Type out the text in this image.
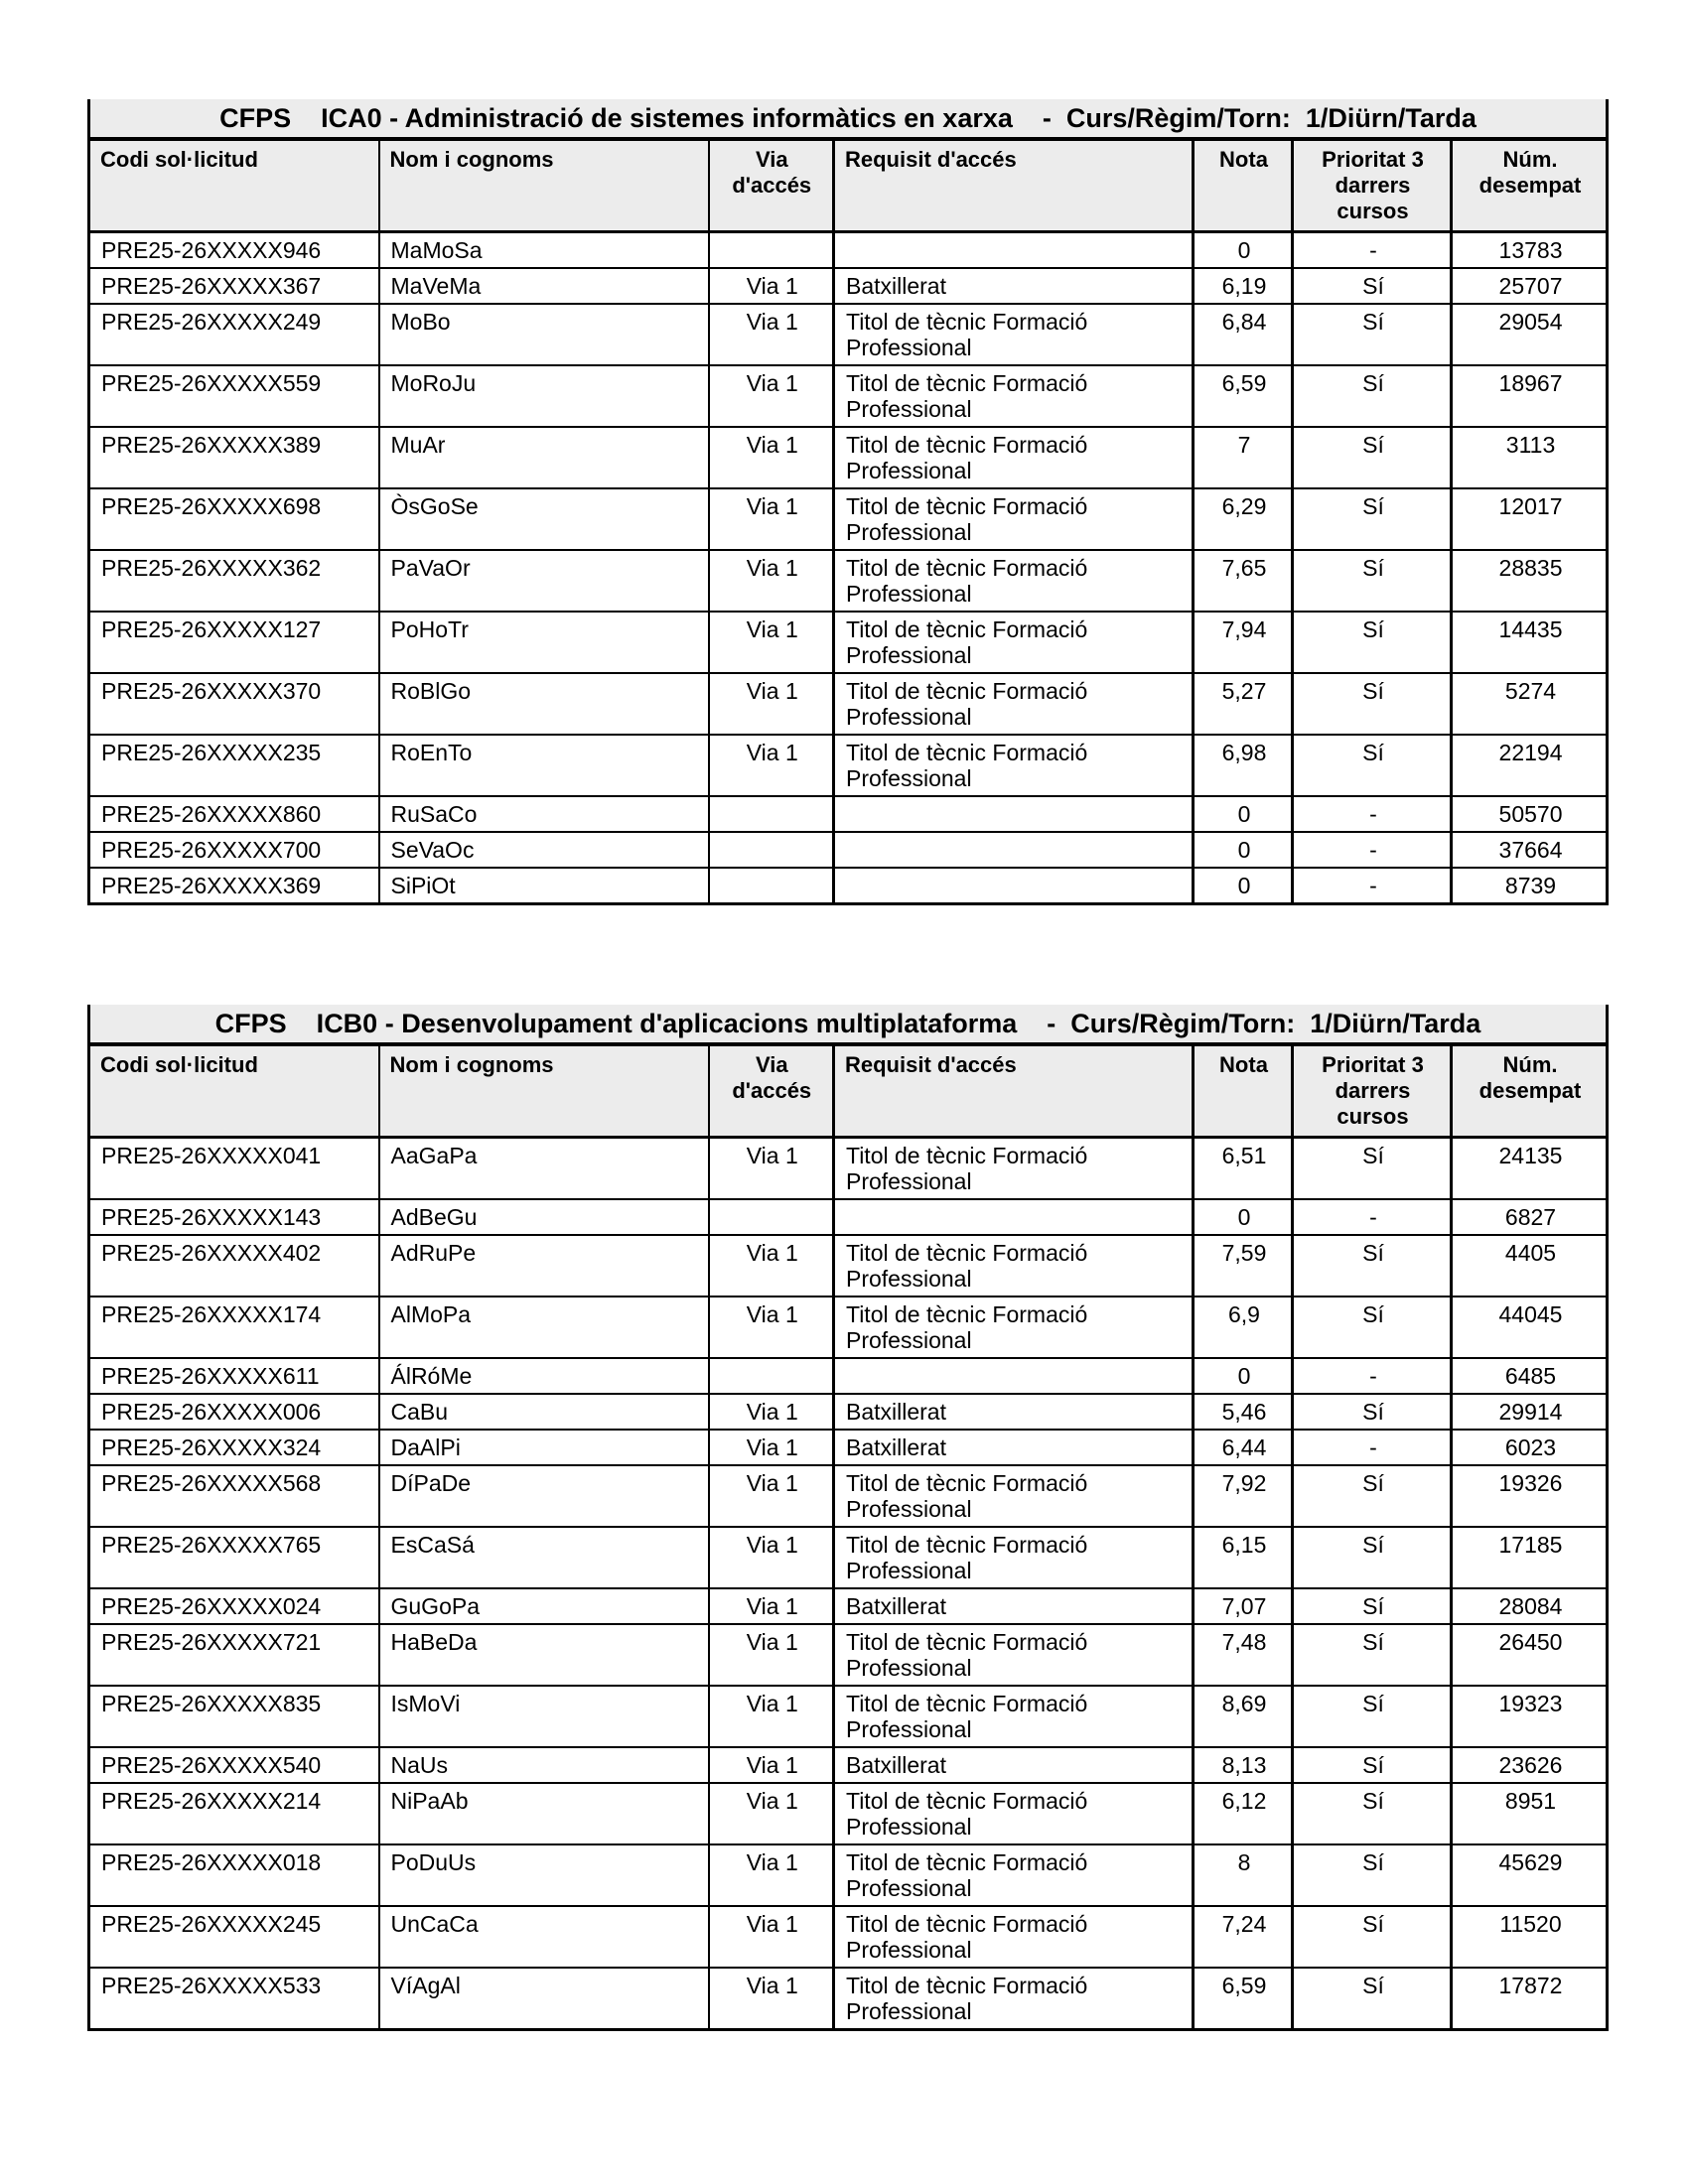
CFPS    ICA0 - Administració de sistemes informàtics en xarxa    -  Curs/Règim/Torn:  1/Diürn/Tarda						
Codi sol·licitud	Nom i cognoms	Via d'accés	Requisit d'accés	Nota	Prioritat 3 darrers cursos	Núm. desempat
PRE25-26XXXXX946	MaMoSa			0	-	13783
PRE25-26XXXXX367	MaVeMa	Via 1	Batxillerat	6,19	Sí	25707
PRE25-26XXXXX249	MoBo	Via 1	Titol de tècnic Formació Professional	6,84	Sí	29054
PRE25-26XXXXX559	MoRoJu	Via 1	Titol de tècnic Formació Professional	6,59	Sí	18967
PRE25-26XXXXX389	MuAr	Via 1	Titol de tècnic Formació Professional	7	Sí	3113
PRE25-26XXXXX698	ÒsGoSe	Via 1	Titol de tècnic Formació Professional	6,29	Sí	12017
PRE25-26XXXXX362	PaVaOr	Via 1	Titol de tècnic Formació Professional	7,65	Sí	28835
PRE25-26XXXXX127	PoHoTr	Via 1	Titol de tècnic Formació Professional	7,94	Sí	14435
PRE25-26XXXXX370	RoBlGo	Via 1	Titol de tècnic Formació Professional	5,27	Sí	5274
PRE25-26XXXXX235	RoEnTo	Via 1	Titol de tècnic Formació Professional	6,98	Sí	22194
PRE25-26XXXXX860	RuSaCo			0	-	50570
PRE25-26XXXXX700	SeVaOc			0	-	37664
PRE25-26XXXXX369	SiPiOt			0	-	8739
CFPS    ICB0 - Desenvolupament d'aplicacions multiplataforma    -  Curs/Règim/Torn:  1/Diürn/Tarda						
Codi sol·licitud	Nom i cognoms	Via d'accés	Requisit d'accés	Nota	Prioritat 3 darrers cursos	Núm. desempat
PRE25-26XXXXX041	AaGaPa	Via 1	Titol de tècnic Formació Professional	6,51	Sí	24135
PRE25-26XXXXX143	AdBeGu			0	-	6827
PRE25-26XXXXX402	AdRuPe	Via 1	Titol de tècnic Formació Professional	7,59	Sí	4405
PRE25-26XXXXX174	AlMoPa	Via 1	Titol de tècnic Formació Professional	6,9	Sí	44045
PRE25-26XXXXX611	ÁlRóMe			0	-	6485
PRE25-26XXXXX006	CaBu	Via 1	Batxillerat	5,46	Sí	29914
PRE25-26XXXXX324	DaAlPi	Via 1	Batxillerat	6,44	-	6023
PRE25-26XXXXX568	DíPaDe	Via 1	Titol de tècnic Formació Professional	7,92	Sí	19326
PRE25-26XXXXX765	EsCaSá	Via 1	Titol de tècnic Formació Professional	6,15	Sí	17185
PRE25-26XXXXX024	GuGoPa	Via 1	Batxillerat	7,07	Sí	28084
PRE25-26XXXXX721	HaBeDa	Via 1	Titol de tècnic Formació Professional	7,48	Sí	26450
PRE25-26XXXXX835	IsMoVi	Via 1	Titol de tècnic Formació Professional	8,69	Sí	19323
PRE25-26XXXXX540	NaUs	Via 1	Batxillerat	8,13	Sí	23626
PRE25-26XXXXX214	NiPaAb	Via 1	Titol de tècnic Formació Professional	6,12	Sí	8951
PRE25-26XXXXX018	PoDuUs	Via 1	Titol de tècnic Formació Professional	8	Sí	45629
PRE25-26XXXXX245	UnCaCa	Via 1	Titol de tècnic Formació Professional	7,24	Sí	11520
PRE25-26XXXXX533	VíAgAl	Via 1	Titol de tècnic Formació Professional	6,59	Sí	17872
